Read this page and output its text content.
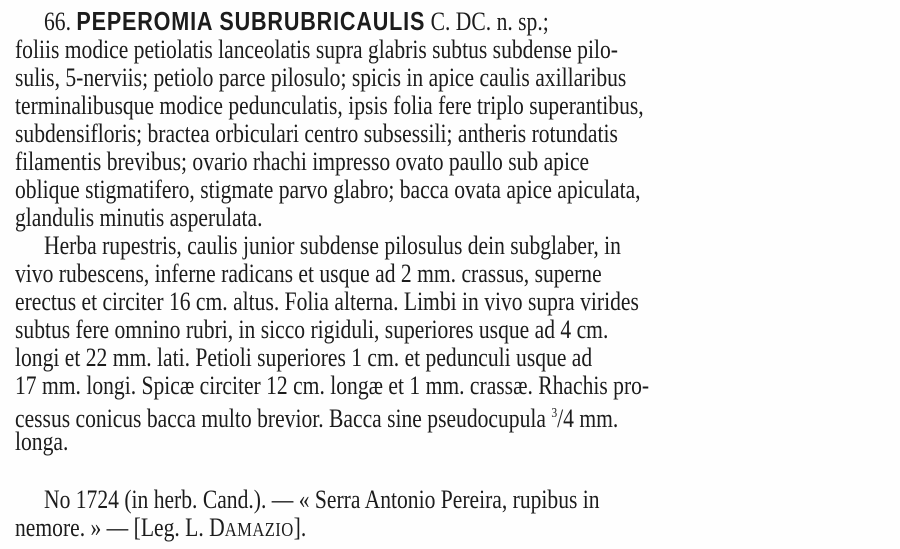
66. PEPEROMIA SUBRUBRICAULIS C. DC. n. sp.;
foliis modice petiolatis lanceolatis supra glabris subtus subdense pilo-
sulis, 5-nerviis; petiolo parce pilosulo; spicis in apice caulis axillaribus
terminalibusque modice pedunculatis, ipsis folia fere triplo superantibus,
subdensifloris; bractea orbiculari centro subsessili; antheris rotundatis
filamentis brevibus; ovario rhachi impresso ovato paullo sub apice
oblique stigmatifero, stigmate parvo glabro; bacca ovata apice apiculata,
glandulis minutis asperulata.
Herba rupestris, caulis junior subdense pilosulus dein subglaber, in
vivo rubescens, inferne radicans et usque ad 2 mm. crassus, superne
erectus et circiter 16 cm. altus. Folia alterna. Limbi in vivo supra virides
subtus fere omnino rubri, in sicco rigiduli, superiores usque ad 4 cm.
longi et 22 mm. lati. Petioli superiores 1 cm. et pedunculi usque ad
17 mm. longi. Spicæ circiter 12 cm. longæ et 1 mm. crassæ. Rhachis pro-
cessus conicus bacca multo brevior. Bacca sine pseudocupula $^3$/4 mm.
longa.
No 1724 (in herb. Cand.). — « Serra Antonio Pereira, rupibus in
nemore. » — [Leg. L. DAMAZIO].
